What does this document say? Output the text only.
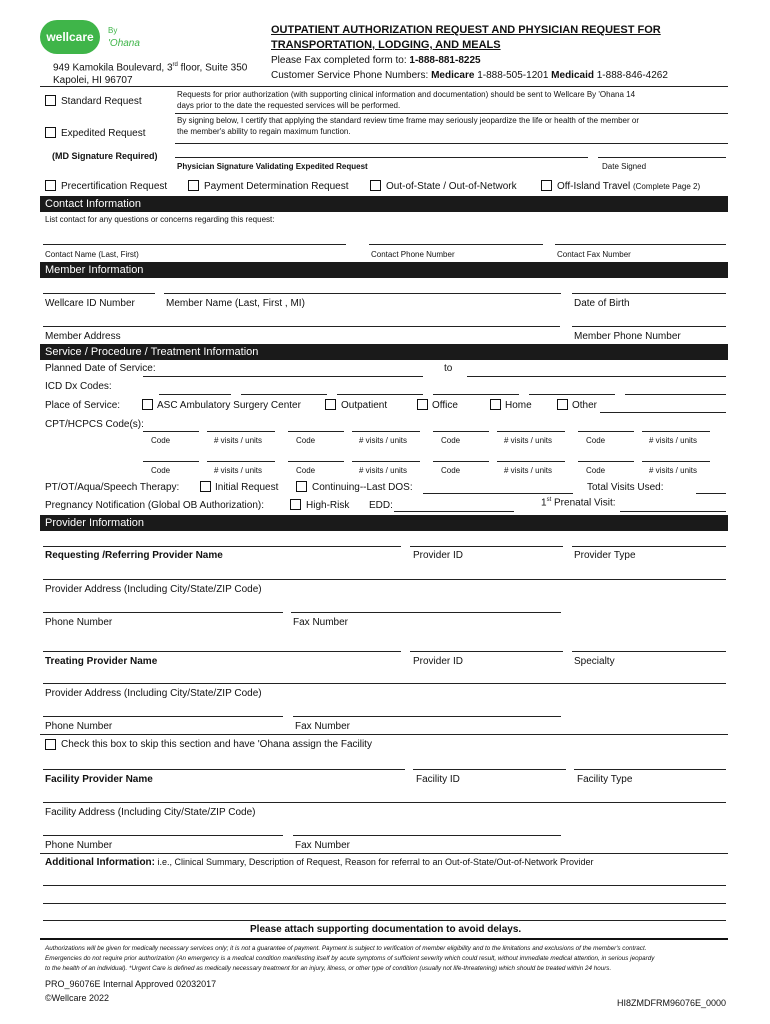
wellcare	By
'Ohana
OUTPATIENT AUTHORIZATION REQUEST AND PHYSICIAN REQUEST FOR
TRANSPORTATION, LODGING, AND MEALS
949 Kamokila Boulevard, 3rd floor, Suite 350
Kapolei, HI 96707
Please Fax completed form to: 1-888-881-8225
Customer Service Phone Numbers: Medicare 1-888-505-1201 Medicaid 1-888-846-4262
Standard Request
Requests for prior authorization (with supporting clinical information and documentation) should be sent to Wellcare By 'Ohana 14
days prior to the date the requested services will be performed.
By signing below, I certify that applying the standard review time frame may seriously jeopardize the life or health of the member or
the member's ability to regain maximum function.
Expedited Request
(MD Signature Required)
Physician Signature Validating Expedited Request	Date Signed
Precertification Request	Payment Determination Request	Out-of-State / Out-of-Network	Off-Island Travel (Complete Page 2)
Contact Information
List contact for any questions or concerns regarding this request:
Contact Name (Last, First)	Contact Phone Number	Contact Fax Number
Member Information
Wellcare ID Number	Member Name (Last, First , MI)	Date of Birth
Member Address	Member Phone Number
Service / Procedure / Treatment Information
Planned Date of Service:	to
ICD Dx Codes:
Place of Service:	ASC Ambulatory Surgery Center	Outpatient	Office	Home	Other
CPT/HCPCS Code(s):
Code	# visits / units	Code	# visits / units	Code	# visits / units	Code	# visits / units
Code	# visits / units	Code	# visits / units	Code	# visits / units	Code	# visits / units
PT/OT/Aqua/Speech Therapy:	Initial Request	Continuing--Last DOS:	Total Visits Used:
Pregnancy Notification (Global OB Authorization):	High-Risk EDD:	1st Prenatal Visit:
Provider Information
Requesting /Referring Provider Name	Provider ID	Provider Type
Provider Address (Including City/State/ZIP Code)
Phone Number	Fax Number
Treating Provider Name	Provider ID	Specialty
Provider Address (Including City/State/ZIP Code)
Phone Number	Fax Number
Check this box to skip this section and have 'Ohana assign the Facility
Facility Provider Name	Facility ID	Facility Type
Facility Address (Including City/State/ZIP Code)
Phone Number	Fax Number
Additional Information: i.e., Clinical Summary, Description of Request, Reason for referral to an Out-of-State/Out-of-Network Provider
Please attach supporting documentation to avoid delays.
Authorizations will be given for medically necessary services only; it is not a guarantee of payment. Payment is subject to verification of member eligibility and to the limitations and exclusions of the member's contract.
Emergencies do not require prior authorization (An emergency is a medical condition manifesting itself by acute symptoms of sufficient severity which could result, without immediate medical attention, in serious jeopardy
to the health of an individual). *Urgent Care is defined as medically necessary treatment for an injury, illness, or other type of condition (usually not life-threatening) which should be treated within 24 hours.
PRO_96076E Internal Approved 02032017
©Wellcare 2022	HI8ZMDFRM96076E_0000
